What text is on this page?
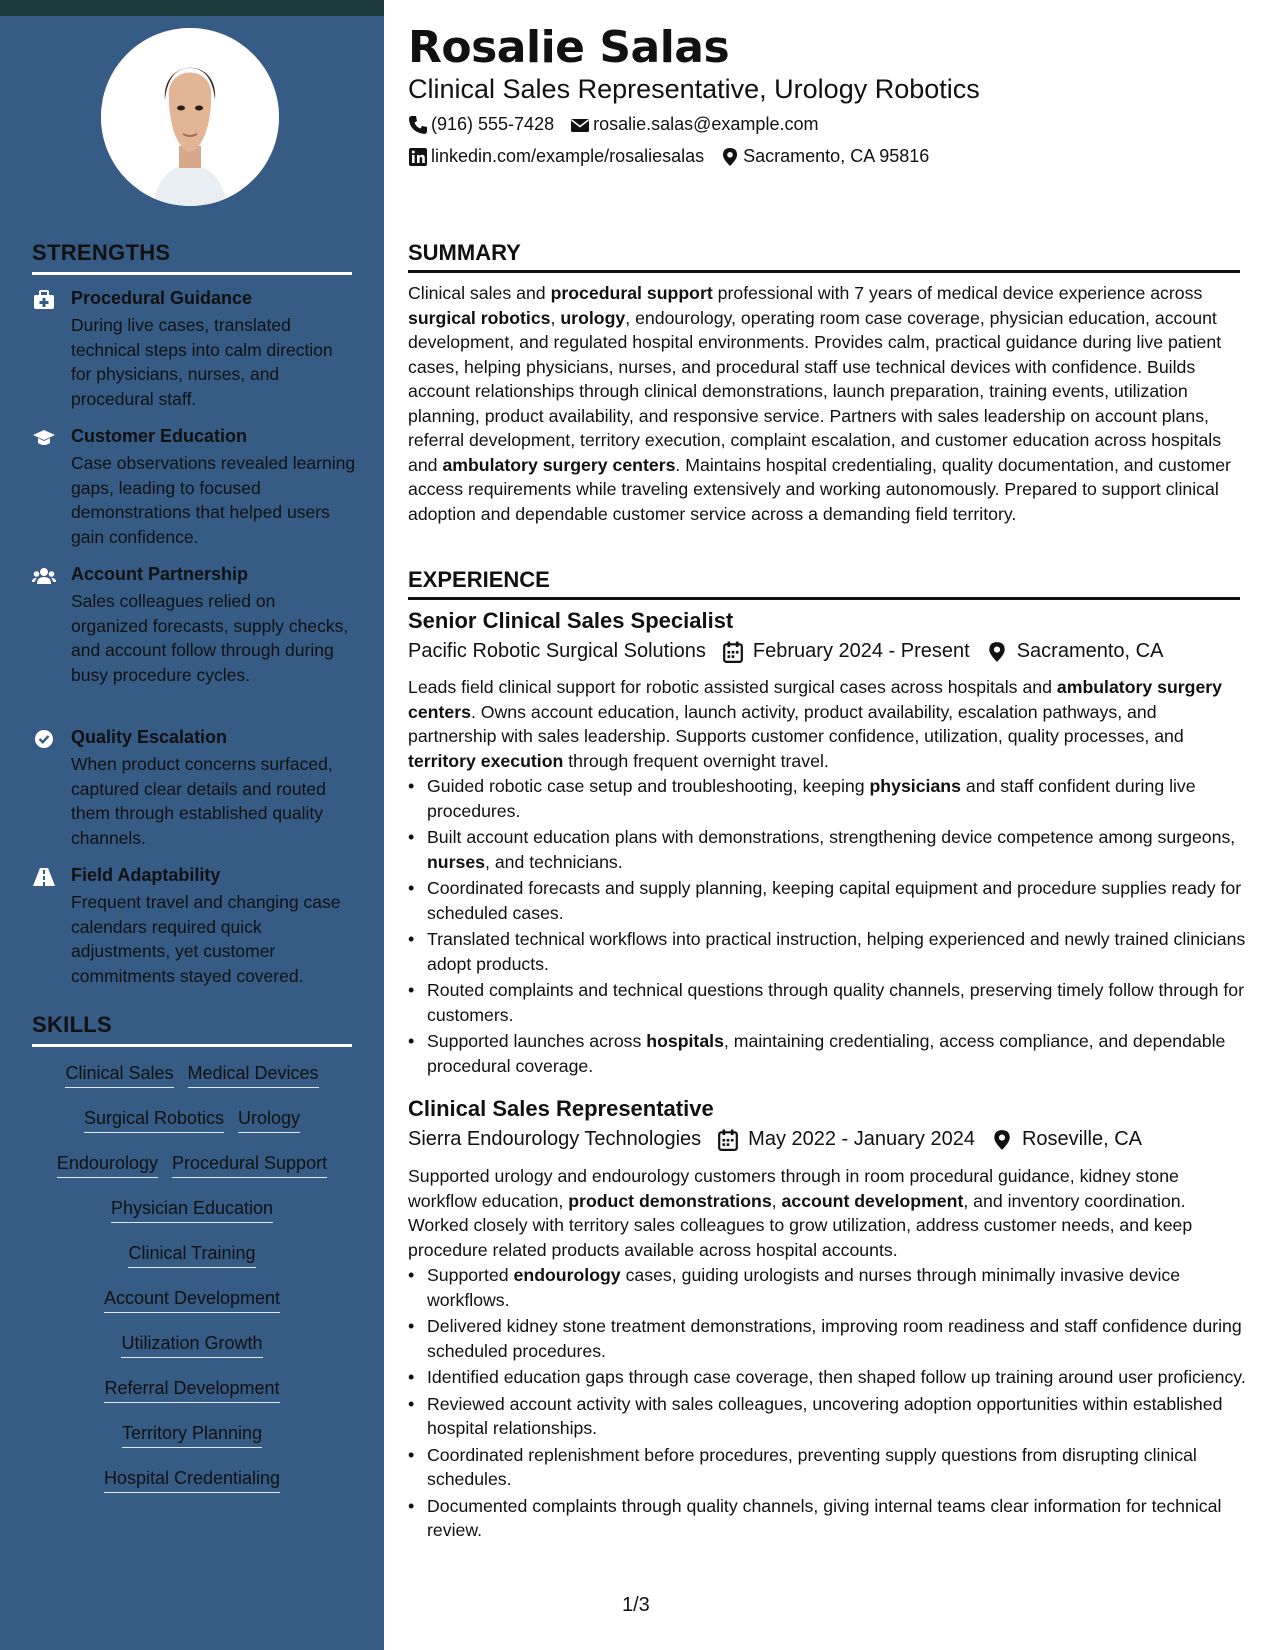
STRENGTHS
Procedural Guidance
During live cases, translated technical steps into calm direction for physicians, nurses, and procedural staff.
Customer Education
Case observations revealed learning gaps, leading to focused demonstrations that helped users gain confidence.
Account Partnership
Sales colleagues relied on organized forecasts, supply checks, and account follow through during busy procedure cycles.
Quality Escalation
When product concerns surfaced, captured clear details and routed them through established quality channels.
Field Adaptability
Frequent travel and changing case calendars required quick adjustments, yet customer commitments stayed covered.
SKILLS
Clinical Sales Medical Devices
Surgical Robotics Urology
Endourology Procedural Support
Physician Education
Clinical Training
Account Development
Utilization Growth
Referral Development
Territory Planning
Hospital Credentialing
Rosalie Salas
Clinical Sales Representative, Urology Robotics
(916) 555-7428 rosalie.salas@example.com
linkedin.com/example/rosaliesalas Sacramento, CA 95816
SUMMARY
Clinical sales and procedural support professional with 7 years of medical device experience across surgical robotics, urology, endourology, operating room case coverage, physician education, account development, and regulated hospital environments. Provides calm, practical guidance during live patient cases, helping physicians, nurses, and procedural staff use technical devices with confidence. Builds account relationships through clinical demonstrations, launch preparation, training events, utilization planning, product availability, and responsive service. Partners with sales leadership on account plans, referral development, territory execution, complaint escalation, and customer education across hospitals and ambulatory surgery centers. Maintains hospital credentialing, quality documentation, and customer access requirements while traveling extensively and working autonomously. Prepared to support clinical adoption and dependable customer service across a demanding field territory.
EXPERIENCE
Senior Clinical Sales Specialist
Pacific Robotic Surgical Solutions February 2024 - Present Sacramento, CA
Leads field clinical support for robotic assisted surgical cases across hospitals and ambulatory surgery centers. Owns account education, launch activity, product availability, escalation pathways, and partnership with sales leadership. Supports customer confidence, utilization, quality processes, and territory execution through frequent overnight travel.
• Guided robotic case setup and troubleshooting, keeping physicians and staff confident during live procedures.
• Built account education plans with demonstrations, strengthening device competence among surgeons, nurses, and technicians.
• Coordinated forecasts and supply planning, keeping capital equipment and procedure supplies ready for scheduled cases.
• Translated technical workflows into practical instruction, helping experienced and newly trained clinicians adopt products.
• Routed complaints and technical questions through quality channels, preserving timely follow through for customers.
• Supported launches across hospitals, maintaining credentialing, access compliance, and dependable procedural coverage.
Clinical Sales Representative
Sierra Endourology Technologies May 2022 - January 2024 Roseville, CA
Supported urology and endourology customers through in room procedural guidance, kidney stone workflow education, product demonstrations, account development, and inventory coordination. Worked closely with territory sales colleagues to grow utilization, address customer needs, and keep procedure related products available across hospital accounts.
• Supported endourology cases, guiding urologists and nurses through minimally invasive device workflows.
• Delivered kidney stone treatment demonstrations, improving room readiness and staff confidence during scheduled procedures.
• Identified education gaps through case coverage, then shaped follow up training around user proficiency.
• Reviewed account activity with sales colleagues, uncovering adoption opportunities within established hospital relationships.
• Coordinated replenishment before procedures, preventing supply questions from disrupting clinical schedules.
• Documented complaints through quality channels, giving internal teams clear information for technical review.
1/3
